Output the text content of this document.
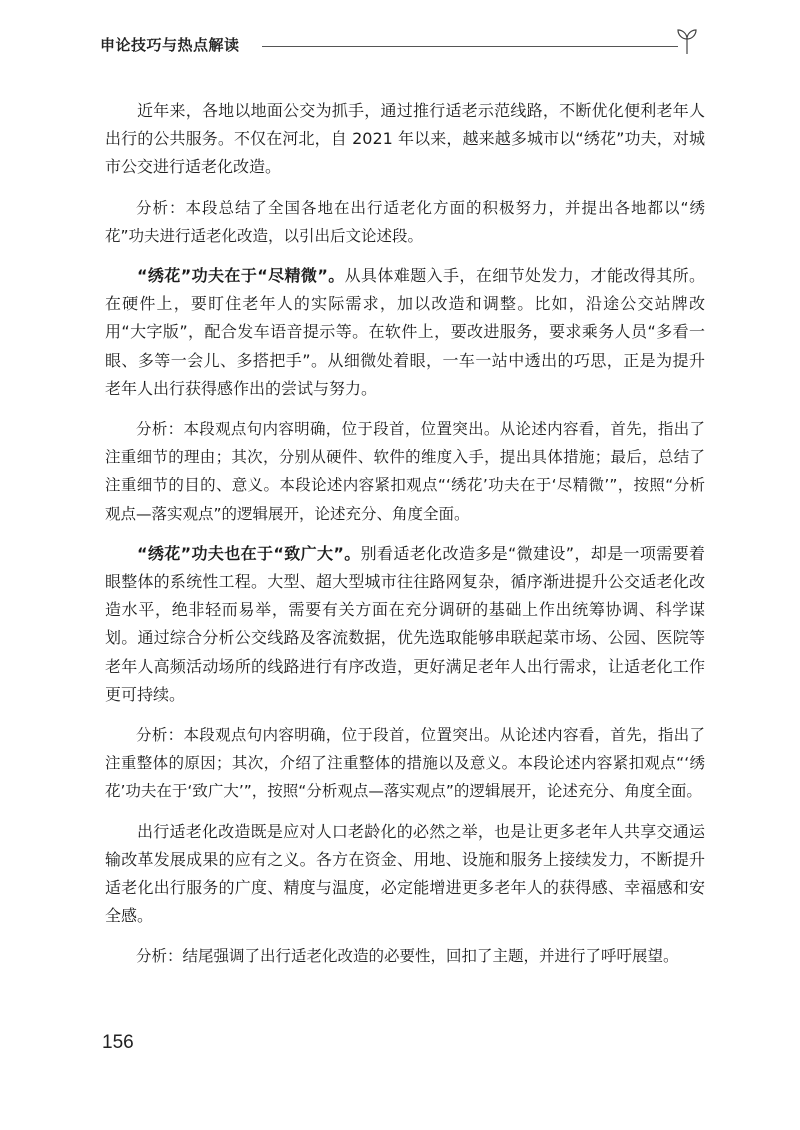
申论技巧与热点解读

近年来，各地以地面公交为抓手，通过推行适老示范线路，不断优化便利老年人出行的公共服务。不仅在河北，自 2021 年以来，越来越多城市以“绣花”功夫，对城市公交进行适老化改造。

分析：本段总结了全国各地在出行适老化方面的积极努力，并提出各地都以“绣花”功夫进行适老化改造，以引出后文论述段。

“绣花”功夫在于“尽精微”。从具体难题入手，在细节处发力，才能改得其所。在硬件上，要盯住老年人的实际需求，加以改造和调整。比如，沿途公交站牌改用“大字版”，配合发车语音提示等。在软件上，要改进服务，要求乘务人员“多看一眼、多等一会儿、多搭把手”。从细微处着眼，一车一站中透出的巧思，正是为提升老年人出行获得感作出的尝试与努力。

分析：本段观点句内容明确，位于段首，位置突出。从论述内容看，首先，指出了注重细节的理由；其次，分别从硬件、软件的维度入手，提出具体措施；最后，总结了注重细节的目的、意义。本段论述内容紧扣观点“‘绣花’功夫在于‘尽精微’”，按照“分析观点—落实观点”的逻辑展开，论述充分、角度全面。

“绣花”功夫也在于“致广大”。别看适老化改造多是“微建设”，却是一项需要着眼整体的系统性工程。大型、超大型城市往往路网复杂，循序渐进提升公交适老化改造水平，绝非轻而易举，需要有关方面在充分调研的基础上作出统筹协调、科学谋划。通过综合分析公交线路及客流数据，优先选取能够串联起菜市场、公园、医院等老年人高频活动场所的线路进行有序改造，更好满足老年人出行需求，让适老化工作更可持续。

分析：本段观点句内容明确，位于段首，位置突出。从论述内容看，首先，指出了注重整体的原因；其次，介绍了注重整体的措施以及意义。本段论述内容紧扣观点“‘绣花’功夫在于‘致广大’”，按照“分析观点—落实观点”的逻辑展开，论述充分、角度全面。

出行适老化改造既是应对人口老龄化的必然之举，也是让更多老年人共享交通运输改革发展成果的应有之义。各方在资金、用地、设施和服务上接续发力，不断提升适老化出行服务的广度、精度与温度，必定能增进更多老年人的获得感、幸福感和安全感。

分析：结尾强调了出行适老化改造的必要性，回扣了主题，并进行了呼吁展望。

156
